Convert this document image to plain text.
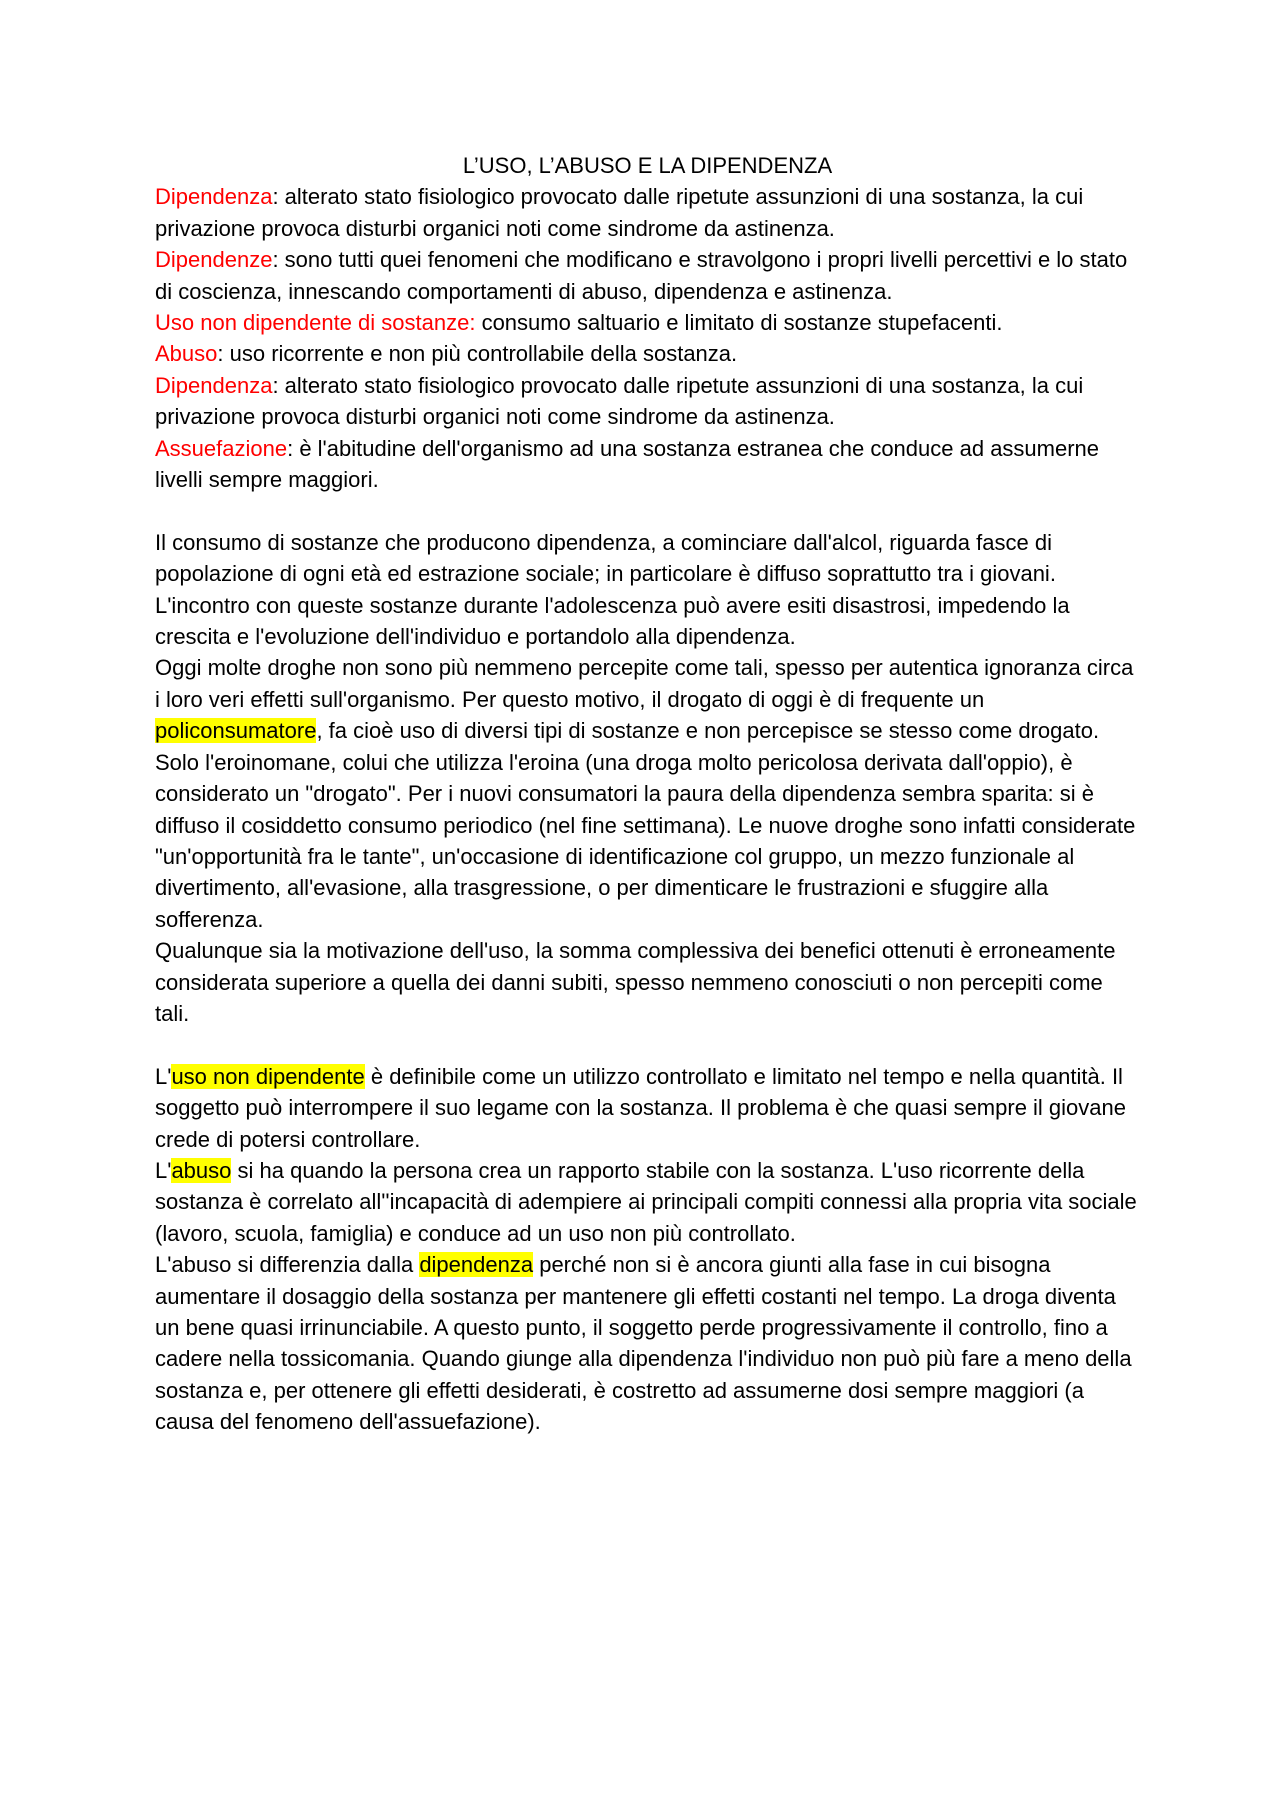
L’USO, L’ABUSO E LA DIPENDENZA

Dipendenza: alterato stato fisiologico provocato dalle ripetute assunzioni di una sostanza, la cui privazione provoca disturbi organici noti come sindrome da astinenza.

Dipendenze: sono tutti quei fenomeni che modificano e stravolgono i propri livelli percettivi e lo stato di coscienza, innescando comportamenti di abuso, dipendenza e astinenza.

Uso non dipendente di sostanze: consumo saltuario e limitato di sostanze stupefacenti.

Abuso: uso ricorrente e non più controllabile della sostanza.

Dipendenza: alterato stato fisiologico provocato dalle ripetute assunzioni di una sostanza, la cui privazione provoca disturbi organici noti come sindrome da astinenza.

Assuefazione: è l'abitudine dell'organismo ad una sostanza estranea che conduce ad assumerne livelli sempre maggiori.

Il consumo di sostanze che producono dipendenza, a cominciare dall'alcol, riguarda fasce di popolazione di ogni età ed estrazione sociale; in particolare è diffuso soprattutto tra i giovani. L'incontro con queste sostanze durante l'adolescenza può avere esiti disastrosi, impedendo la crescita e l'evoluzione dell'individuo e portandolo alla dipendenza.

Oggi molte droghe non sono più nemmeno percepite come tali, spesso per autentica ignoranza circa i loro veri effetti sull'organismo. Per questo motivo, il drogato di oggi è di frequente un policonsumatore, fa cioè uso di diversi tipi di sostanze e non percepisce se stesso come drogato. Solo l'eroinomane, colui che utilizza l'eroina (una droga molto pericolosa derivata dall'oppio), è considerato un "drogato". Per i nuovi consumatori la paura della dipendenza sembra sparita: si è diffuso il cosiddetto consumo periodico (nel fine settimana). Le nuove droghe sono infatti considerate "un'opportunità fra le tante", un'occasione di identificazione col gruppo, un mezzo funzionale al divertimento, all'evasione, alla trasgressione, o per dimenticare le frustrazioni e sfuggire alla sofferenza.

Qualunque sia la motivazione dell'uso, la somma complessiva dei benefici ottenuti è erroneamente considerata superiore a quella dei danni subiti, spesso nemmeno conosciuti o non percepiti come tali.

L'uso non dipendente è definibile come un utilizzo controllato e limitato nel tempo e nella quantità. Il soggetto può interrompere il suo legame con la sostanza. Il problema è che quasi sempre il giovane crede di potersi controllare.

L'abuso si ha quando la persona crea un rapporto stabile con la sostanza. L'uso ricorrente della sostanza è correlato all''incapacità di adempiere ai principali compiti connessi alla propria vita sociale (lavoro, scuola, famiglia) e conduce ad un uso non più controllato.

L'abuso si differenzia dalla dipendenza perché non si è ancora giunti alla fase in cui bisogna aumentare il dosaggio della sostanza per mantenere gli effetti costanti nel tempo. La droga diventa un bene quasi irrinunciabile. A questo punto, il soggetto perde progressivamente il controllo, fino a cadere nella tossicomania. Quando giunge alla dipendenza l'individuo non può più fare a meno della sostanza e, per ottenere gli effetti desiderati, è costretto ad assumerne dosi sempre maggiori (a causa del fenomeno dell'assuefazione).
